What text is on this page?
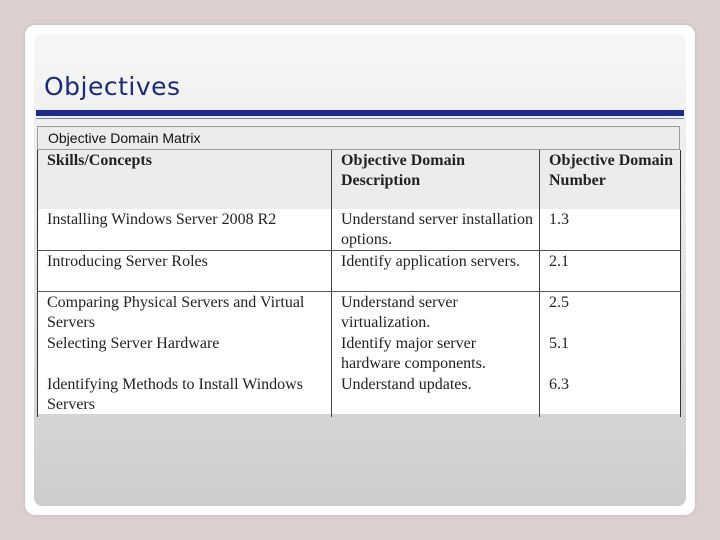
Objectives
Objective Domain Matrix
Skills/Concepts	Objective Domain Description	Objective Domain Number
Installing Windows Server 2008 R2	Understand server installation options.	1.3
Introducing Server Roles	Identify application servers.	2.1
Comparing Physical Servers and Virtual Servers	Understand server virtualization.	2.5
Selecting Server Hardware	Identify major server hardware components.	5.1
Identifying Methods to Install Windows Servers	Understand updates.	6.3
